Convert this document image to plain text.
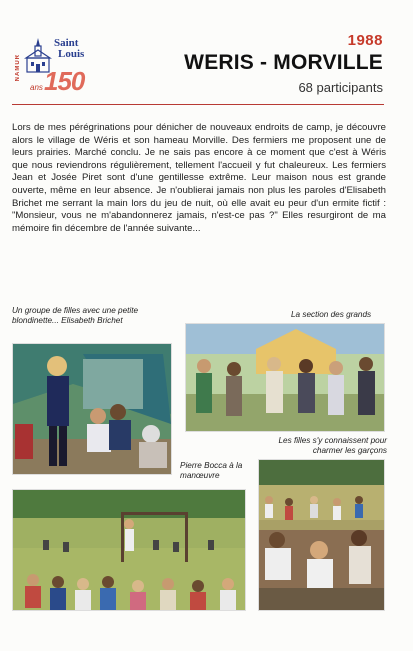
Saint
Louis
NAMUR
ans 150
1988
WERIS - MORVILLE
68 participants
Lors de mes pérégrinations pour dénicher de nouveaux endroits de camp, je découvre alors le village de Wéris et son hameau Morville. Des fermiers me proposent une de leurs prairies. Marché conclu. Je ne sais pas encore à ce moment que c'est à Wéris que nous reviendrons régulièrement, tellement l'accueil y fut chaleureux. Les fermiers Jean et Josée Piret sont d'une gentillesse extrême. Leur maison nous est grande ouverte, même en leur absence. Je n'oublierai jamais non plus les paroles d'Elisabeth Brichet me serrant la main lors du jeu de nuit, où elle avait eu peur d'un ermite fictif : "Monsieur, vous ne m'abandonnerez jamais, n'est-ce pas ?" Elles resurgiront de ma mémoire fin décembre de l'année suivante...
Un groupe de filles avec une petite blondinette... Elisabeth Brichet
La section des grands
Pierre Bocca à la manœuvre
Les filles s'y connaissent pour charmer les garçons
